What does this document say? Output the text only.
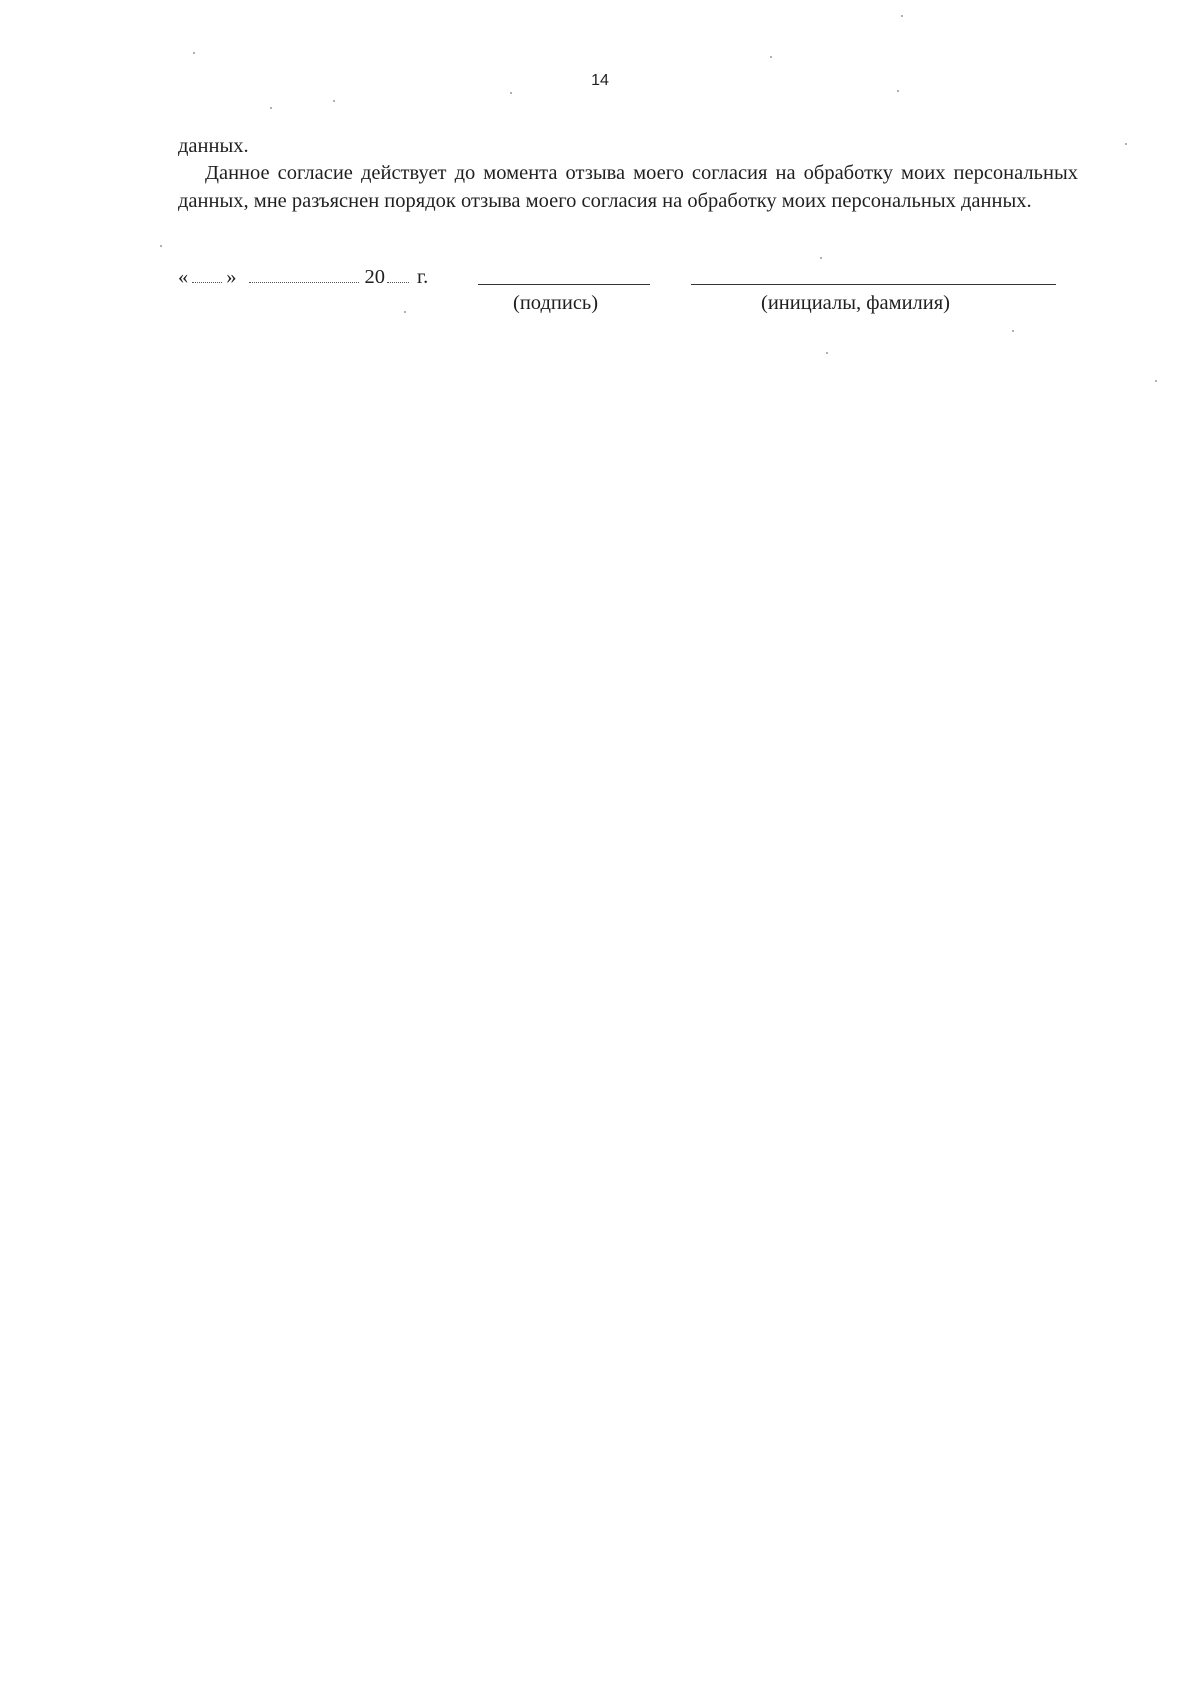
14
данных.

Данное согласие действует до момента отзыва моего согласия на обработку моих персональных данных, мне разъяснен порядок отзыва моего согласия на обработку моих персональных данных.

« »	20 г.
(подпись)	(инициалы, фамилия)
